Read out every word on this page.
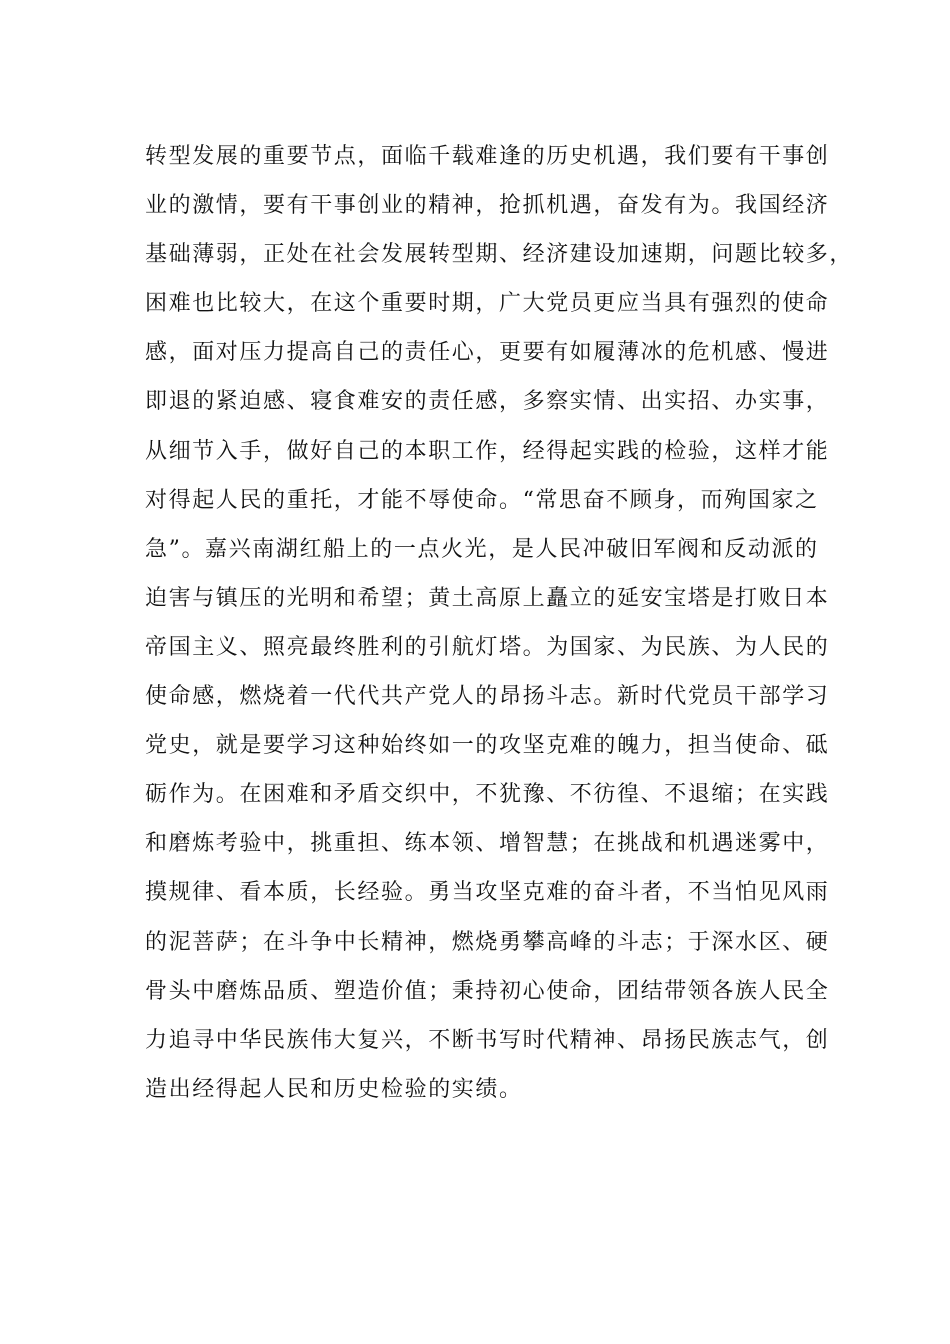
转型发展的重要节点，面临千载难逢的历史机遇，我们要有干事创
业的激情，要有干事创业的精神，抢抓机遇，奋发有为。我国经济
基础薄弱，正处在社会发展转型期、经济建设加速期，问题比较多，
困难也比较大，在这个重要时期，广大党员更应当具有强烈的使命
感，面对压力提高自己的责任心，更要有如履薄冰的危机感、慢进
即退的紧迫感、寝食难安的责任感，多察实情、出实招、办实事，
从细节入手，做好自己的本职工作，经得起实践的检验，这样才能
对得起人民的重托，才能不辱使命。“常思奋不顾身，而殉国家之
急”。嘉兴南湖红船上的一点火光，是人民冲破旧军阀和反动派的
迫害与镇压的光明和希望；黄土高原上矗立的延安宝塔是打败日本
帝国主义、照亮最终胜利的引航灯塔。为国家、为民族、为人民的
使命感，燃烧着一代代共产党人的昂扬斗志。新时代党员干部学习
党史，就是要学习这种始终如一的攻坚克难的魄力，担当使命、砥
砺作为。在困难和矛盾交织中，不犹豫、不彷徨、不退缩；在实践
和磨炼考验中，挑重担、练本领、增智慧；在挑战和机遇迷雾中，
摸规律、看本质，长经验。勇当攻坚克难的奋斗者，不当怕见风雨
的泥菩萨；在斗争中长精神，燃烧勇攀高峰的斗志；于深水区、硬
骨头中磨炼品质、塑造价值；秉持初心使命，团结带领各族人民全
力追寻中华民族伟大复兴，不断书写时代精神、昂扬民族志气，创
造出经得起人民和历史检验的实绩。
